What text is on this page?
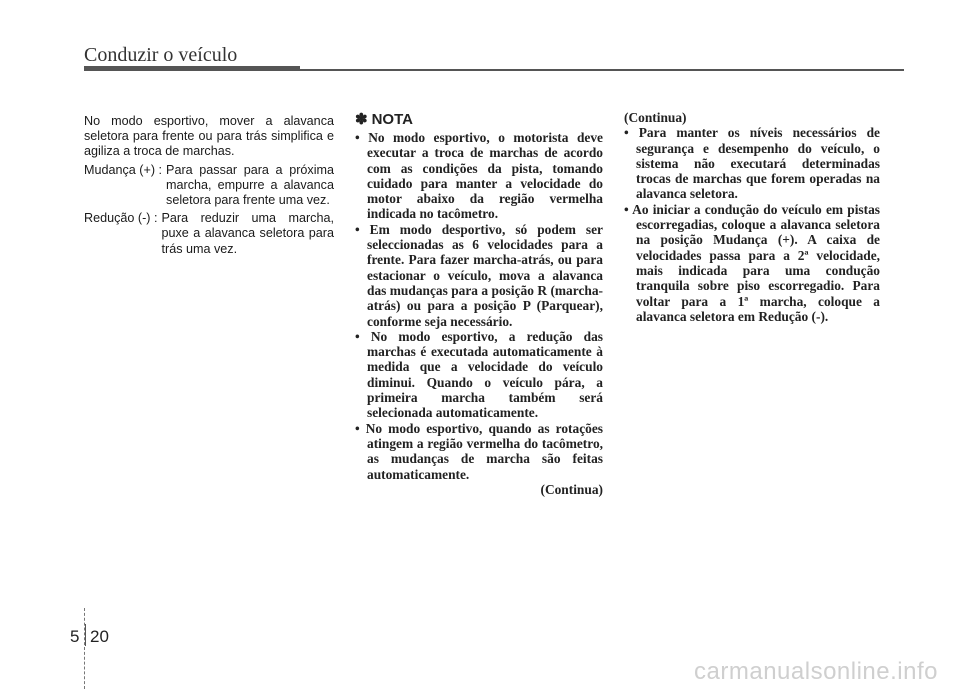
Conduzir o veículo

No modo esportivo, mover a alavanca seletora para frente ou para trás simplifica e agiliza a troca de marchas.

Mudança (+) : Para passar para a próxima marcha, empurre a alavanca seletora para frente uma vez.
Redução (-) : Para reduzir uma marcha, puxe a alavanca seletora para trás uma vez.
✽ NOTA

• No modo esportivo, o motorista deve executar a troca de marchas de acordo com as condições da pista, tomando cuidado para manter a velocidade do motor abaixo da região vermelha indicada no tacômetro.

• Em modo desportivo, só podem ser seleccionadas as 6 velocidades para a frente. Para fazer marcha-atrás, ou para estacionar o veículo, mova a alavanca das mudanças para a posição R (marcha-atrás) ou para a posição P (Parquear), conforme seja necessário.

• No modo esportivo, a redução das marchas é executada automaticamente à medida que a velocidade do veículo diminui. Quando o veículo pára, a primeira marcha também será selecionada automaticamente.

• No modo esportivo, quando as rotações atingem a região vermelha do tacômetro, as mudanças de marcha são feitas automaticamente.

(Continua)

(Continua)

• Para manter os níveis necessários de segurança e desempenho do veículo, o sistema não executará determinadas trocas de marchas que forem operadas na alavanca seletora.

• Ao iniciar a condução do veículo em pistas escorregadias, coloque a alavanca seletora na posição Mudança (+). A caixa de velocidades passa para a 2ª velocidade, mais indicada para uma condução tranquila sobre piso escorregadio. Para voltar para a 1ª marcha, coloque a alavanca seletora em Redução (-).

5 20
carmanualsonline.info
